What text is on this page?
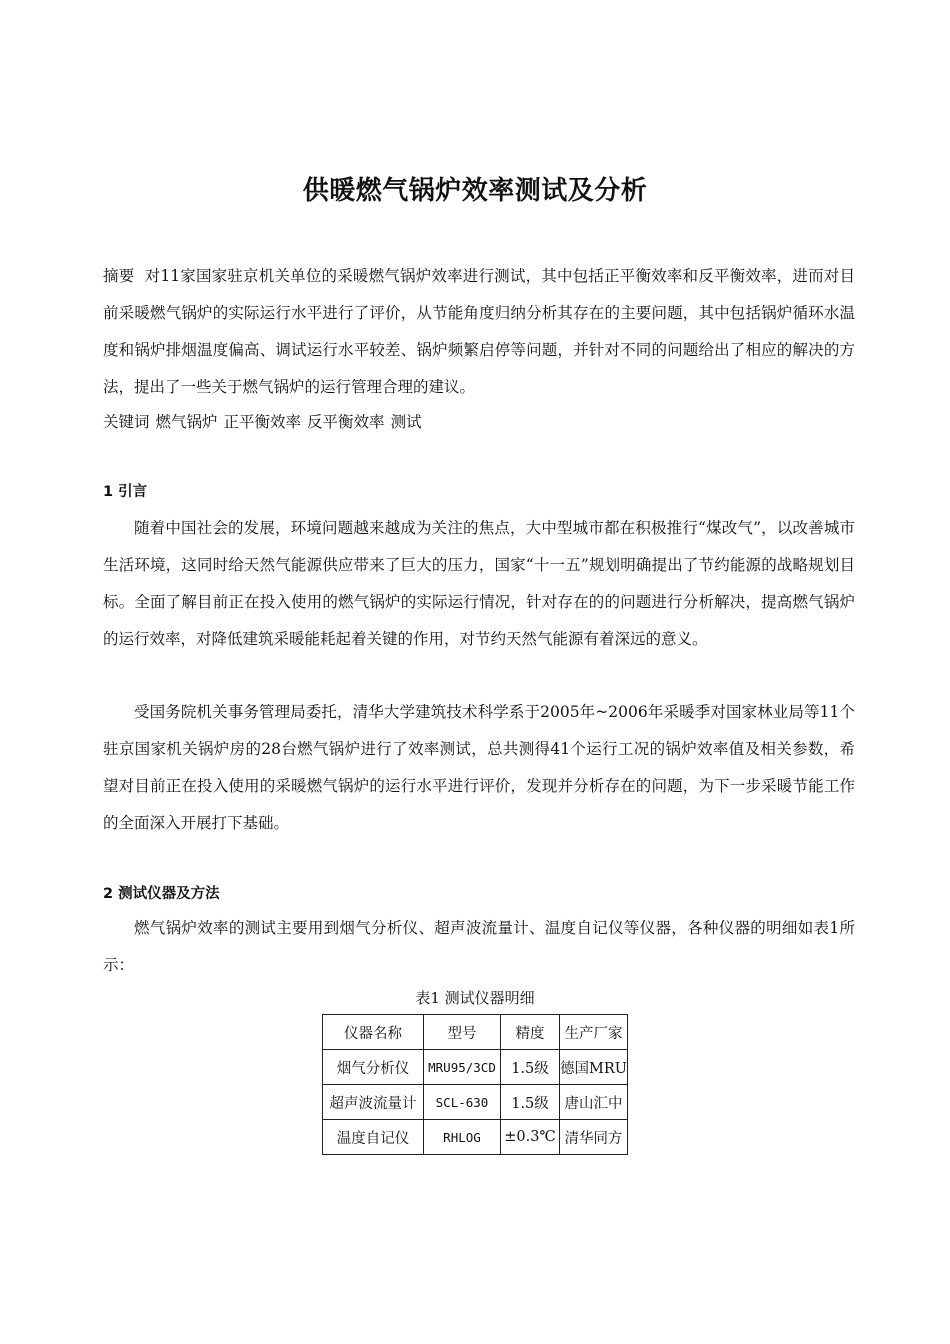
供暖燃气锅炉效率测试及分析

摘要 对11家国家驻京机关单位的采暖燃气锅炉效率进行测试，其中包括正平衡效率和反平衡效率，进而对目前采暖燃气锅炉的实际运行水平进行了评价，从节能角度归纳分析其存在的主要问题，其中包括锅炉循环水温度和锅炉排烟温度偏高、调试运行水平较差、锅炉频繁启停等问题，并针对不同的问题给出了相应的解决的方法，提出了一些关于燃气锅炉的运行管理合理的建议。

关键词 燃气锅炉 正平衡效率 反平衡效率 测试

1 引言

随着中国社会的发展，环境问题越来越成为关注的焦点，大中型城市都在积极推行“煤改气”，以改善城市生活环境，这同时给天然气能源供应带来了巨大的压力，国家“十一五”规划明确提出了节约能源的战略规划目标。全面了解目前正在投入使用的燃气锅炉的实际运行情况，针对存在的的问题进行分析解决，提高燃气锅炉的运行效率，对降低建筑采暖能耗起着关键的作用，对节约天然气能源有着深远的意义。

受国务院机关事务管理局委托，清华大学建筑技术科学系于2005年~2006年采暖季对国家林业局等11个驻京国家机关锅炉房的28台燃气锅炉进行了效率测试，总共测得41个运行工况的锅炉效率值及相关参数，希望对目前正在投入使用的采暖燃气锅炉的运行水平进行评价，发现并分析存在的问题，为下一步采暖节能工作的全面深入开展打下基础。

2 测试仪器及方法

燃气锅炉效率的测试主要用到烟气分析仪、超声波流量计、温度自记仪等仪器，各种仪器的明细如表1所示：

表1 测试仪器明细
仪器名称	型号	精度	生产厂家
烟气分析仪	MRU95/3CD	1.5级	德国MRU
超声波流量计	SCL-630	1.5级	唐山汇中
温度自记仪	RHLOG	±0.3℃	清华同方
